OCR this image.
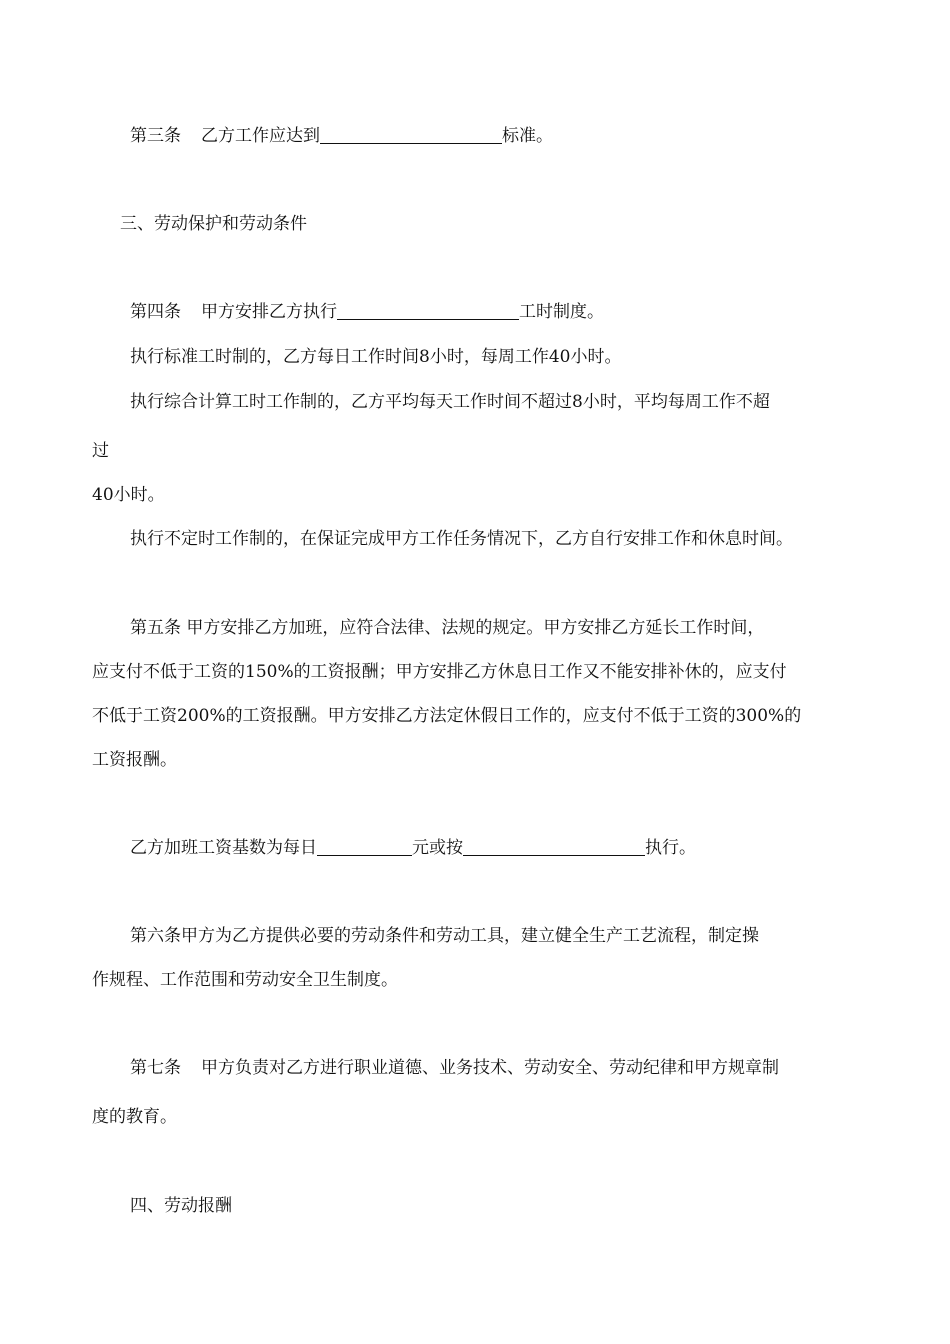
第三条 乙方工作应达到	标准。
三、劳动保护和劳动条件
第四条 甲方安排乙方执行	工时制度。
执行标准工时制的，乙方每日工作时间8小时，每周工作40小时。
执行综合计算工时工作制的，乙方平均每天工作时间不超过8小时，平均每周工作不超
过
40小时。
执行不定时工作制的，在保证完成甲方工作任务情况下，乙方自行安排工作和休息时间。
第五条 甲方安排乙方加班，应符合法律、法规的规定。甲方安排乙方延长工作时间，
应支付不低于工资的150%的工资报酬；甲方安排乙方休息日工作又不能安排补休的，应支付
不低于工资200%的工资报酬。甲方安排乙方法定休假日工作的，应支付不低于工资的300%的
工资报酬。
乙方加班工资基数为每日	元或按	执行。
第六条甲方为乙方提供必要的劳动条件和劳动工具，建立健全生产工艺流程，制定操
作规程、工作范围和劳动安全卫生制度。
第七条 甲方负责对乙方进行职业道德、业务技术、劳动安全、劳动纪律和甲方规章制
度的教育。
四、劳动报酬
